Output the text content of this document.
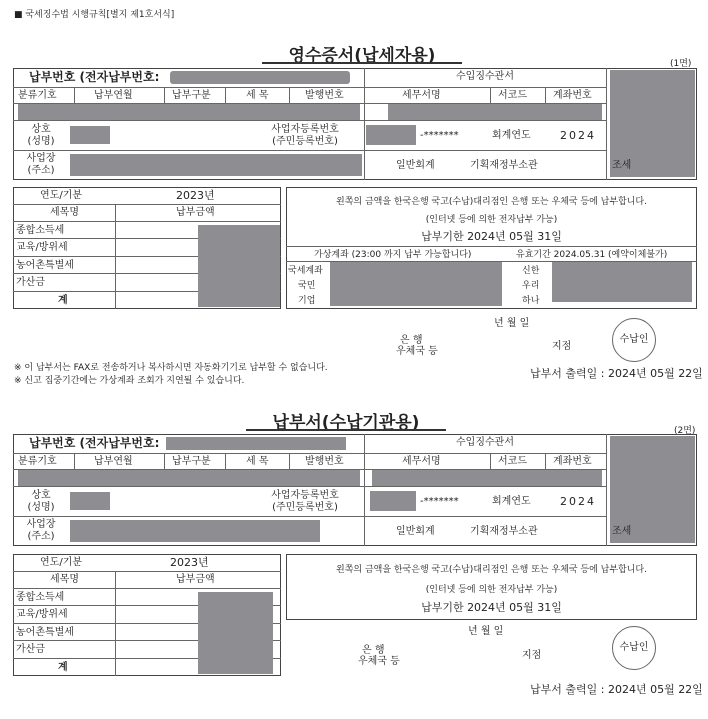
■ 국세징수법 시행규칙[별지 제1호서식]
영수증서(납세자용)	(1면)
납부번호 (전자납부번호:	수입징수관서
분류기호	납부연월	납부구분	세 목	발행번호	세무서명	서코드	계좌번호
상호
(성명)
사업자등록번호
(주민등록번호)
-*******	회계연도	2024
사업장
(주소)	일반회계	기획재정부소관	조세
연도/기분	2023년
세목명	납부금액
종합소득세
교육/방위세
농어촌특별세
가산금
계
왼쪽의 금액을 한국은행 국고(수납)대리점인 은행 또는 우체국 등에 납부합니다.
(인터넷 등에 의한 전자납부 가능)
납부기한 2024년 05월 31일
가상계좌 (23:00 까지 납부 가능합니다)	유효기간 2024.05.31 (예약이체불가)
국세계좌
국민
기업
신한
우리
하나
년 월 일
은 행
우체국 등	지점
수납인
※ 이 납부서는 FAX로 전송하거나 복사하시면 자동화기기로 납부할 수 없습니다.
※ 신고 집중기간에는 가상계좌 조회가 지연될 수 있습니다.
납부서 출력일 : 2024년 05월 22일
납부서(수납기관용)	(2면)
납부번호 (전자납부번호:	수입징수관서
분류기호	납부연월	납부구분	세 목	발행번호	세무서명	서코드	계좌번호
상호
(성명)
사업자등록번호
(주민등록번호)
-*******	회계연도	2024
사업장
(주소)	일반회계	기획재정부소관	조세
연도/기분	2023년
세목명	납부금액
종합소득세
교육/방위세
농어촌특별세
가산금
계
왼쪽의 금액을 한국은행 국고(수납)대리점인 은행 또는 우체국 등에 납부합니다.
(인터넷 등에 의한 전자납부 가능)
납부기한 2024년 05월 31일
년 월 일
은 행
우체국 등
지점
수납인
납부서 출력일 : 2024년 05월 22일
